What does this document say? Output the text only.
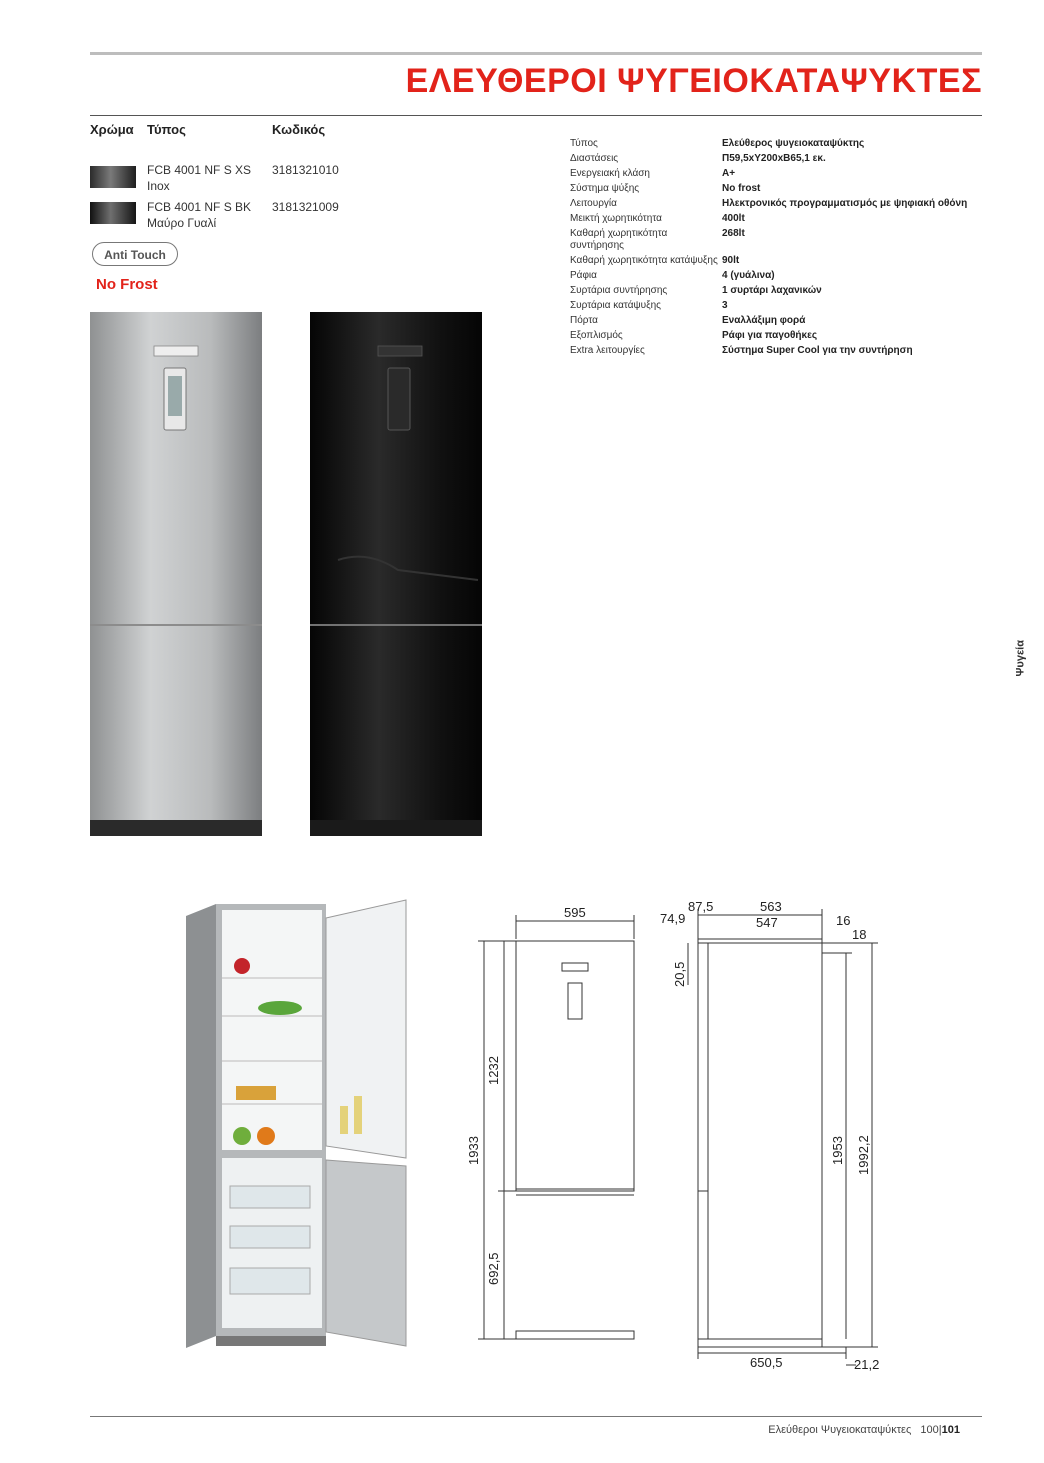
ΕΛΕΥΘΕΡΟΙ ΨΥΓΕΙΟΚΑΤΑΨΥΚΤΕΣ
Χρώμα Τύπος	Κωδικός
FCB 4001 NF S XS
Inox
3181321010
FCB 4001 NF S BK
Μαύρο Γυαλί
3181321009
Anti Touch
No Frost
Τύπος	Ελεύθερος ψυγειοκαταψύκτης
Διαστάσεις	Π59,5xΥ200xΒ65,1 εκ.
Ενεργειακή κλάση	A+
Σύστημα ψύξης	No frost
Λειτουργία	Ηλεκτρονικός προγραμματισμός με ψηφιακή οθόνη
Μεικτή χωρητικότητα	400lt
Καθαρή χωρητικότητα συντήρησης
268lt
Καθαρή χωρητικότητα κατάψυξης 90lt
Ράφια	4 (γυάλινα)
Συρτάρια συντήρησης	1 συρτάρι λαχανικών
Συρτάρια κατάψυξης	3
Πόρτα	Εναλλάξιμη φορά
Εξοπλισμός	Ράφι για παγοθήκες
Extra λειτουργίες	Σύστημα Super Cool για την συντήρηση
Ψυγεία
595
1933
1232
692,5
87,5	563
74,9	547	16
18
20,5
1953 1992,2
650,5	21,2
Ελεύθεροι Ψυγειοκαταψύκτες 100|101
